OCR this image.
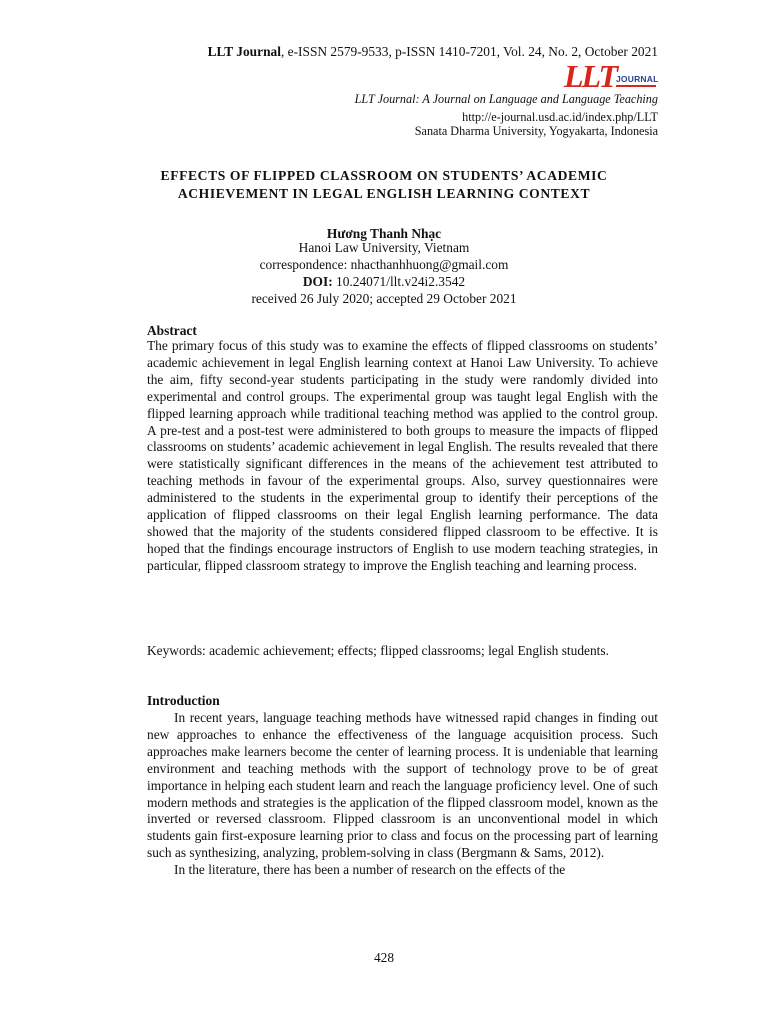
LLT Journal, e-ISSN 2579-9533, p-ISSN 1410-7201, Vol. 24, No. 2, October 2021
LLT JOURNAL
LLT Journal: A Journal on Language and Language Teaching
http://e-journal.usd.ac.id/index.php/LLT
Sanata Dharma University, Yogyakarta, Indonesia
EFFECTS OF FLIPPED CLASSROOM ON STUDENTS’ ACADEMIC
ACHIEVEMENT IN LEGAL ENGLISH LEARNING CONTEXT
Hương Thanh Nhạc
Hanoi Law University, Vietnam
correspondence: nhacthanhhuong@gmail.com
DOI: 10.24071/llt.v24i2.3542
received 26 July 2020; accepted 29 October 2021
Abstract
The primary focus of this study was to examine the effects of flipped classrooms on students’ academic achievement in legal English learning context at Hanoi Law University. To achieve the aim, fifty second-year students participating in the study were randomly divided into experimental and control groups. The experimental group was taught legal English with the flipped learning approach while traditional teaching method was applied to the control group. A pre-test and a post-test were administered to both groups to measure the impacts of flipped classrooms on students’ academic achievement in legal English. The results revealed that there were statistically significant differences in the means of the achievement test attributed to teaching methods in favour of the experimental groups. Also, survey questionnaires were administered to the students in the experimental group to identify their perceptions of the application of flipped classrooms on their legal English learning performance. The data showed that the majority of the students considered flipped classroom to be effective. It is hoped that the findings encourage instructors of English to use modern teaching strategies, in particular, flipped classroom strategy to improve the English teaching and learning process.
Keywords: academic achievement; effects; flipped classrooms; legal English students.
Introduction

In recent years, language teaching methods have witnessed rapid changes in finding out new approaches to enhance the effectiveness of the language acquisition process. Such approaches make learners become the center of learning process. It is undeniable that learning environment and teaching methods with the support of technology prove to be of great importance in helping each student learn and reach the language proficiency level. One of such modern methods and strategies is the application of the flipped classroom model, known as the inverted or reversed classroom. Flipped classroom is an unconventional model in which students gain first-exposure learning prior to class and focus on the processing part of learning such as synthesizing, analyzing, problem-solving in class (Bergmann & Sams, 2012).

In the literature, there has been a number of research on the effects of the

428
